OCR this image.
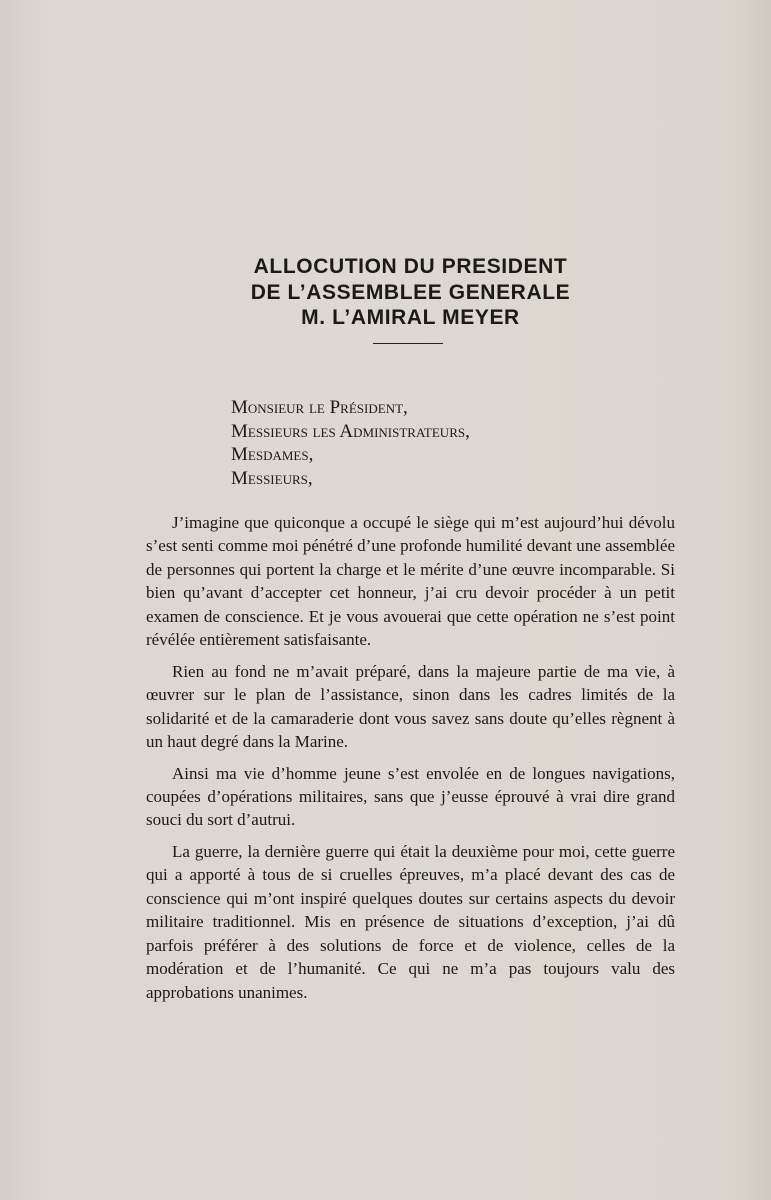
ALLOCUTION DU PRESIDENT
DE L’ASSEMBLEE GENERALE
M. L’AMIRAL MEYER
Monsieur le Président,
Messieurs les Administrateurs,
Mesdames,
Messieurs,

J’imagine que quiconque a occupé le siège qui m’est aujourd’hui dévolu s’est senti comme moi pénétré d’une profonde humilité devant une assemblée de personnes qui portent la charge et le mérite d’une œuvre incomparable. Si bien qu’avant d’accepter cet honneur, j’ai cru devoir procéder à un petit examen de conscience. Et je vous avouerai que cette opération ne s’est point révélée entièrement satisfaisante.

Rien au fond ne m’avait préparé, dans la majeure partie de ma vie, à œuvrer sur le plan de l’assistance, sinon dans les cadres limités de la solidarité et de la camaraderie dont vous savez sans doute qu’elles règnent à un haut degré dans la Marine.

Ainsi ma vie d’homme jeune s’est envolée en de longues navigations, coupées d’opérations militaires, sans que j’eusse éprouvé à vrai dire grand souci du sort d’autrui.

La guerre, la dernière guerre qui était la deuxième pour moi, cette guerre qui a apporté à tous de si cruelles épreuves, m’a placé devant des cas de conscience qui m’ont inspiré quelques doutes sur certains aspects du devoir militaire traditionnel. Mis en présence de situations d’exception, j’ai dû parfois préférer à des solutions de force et de violence, celles de la modération et de l’humanité. Ce qui ne m’a pas toujours valu des approbations unanimes.
